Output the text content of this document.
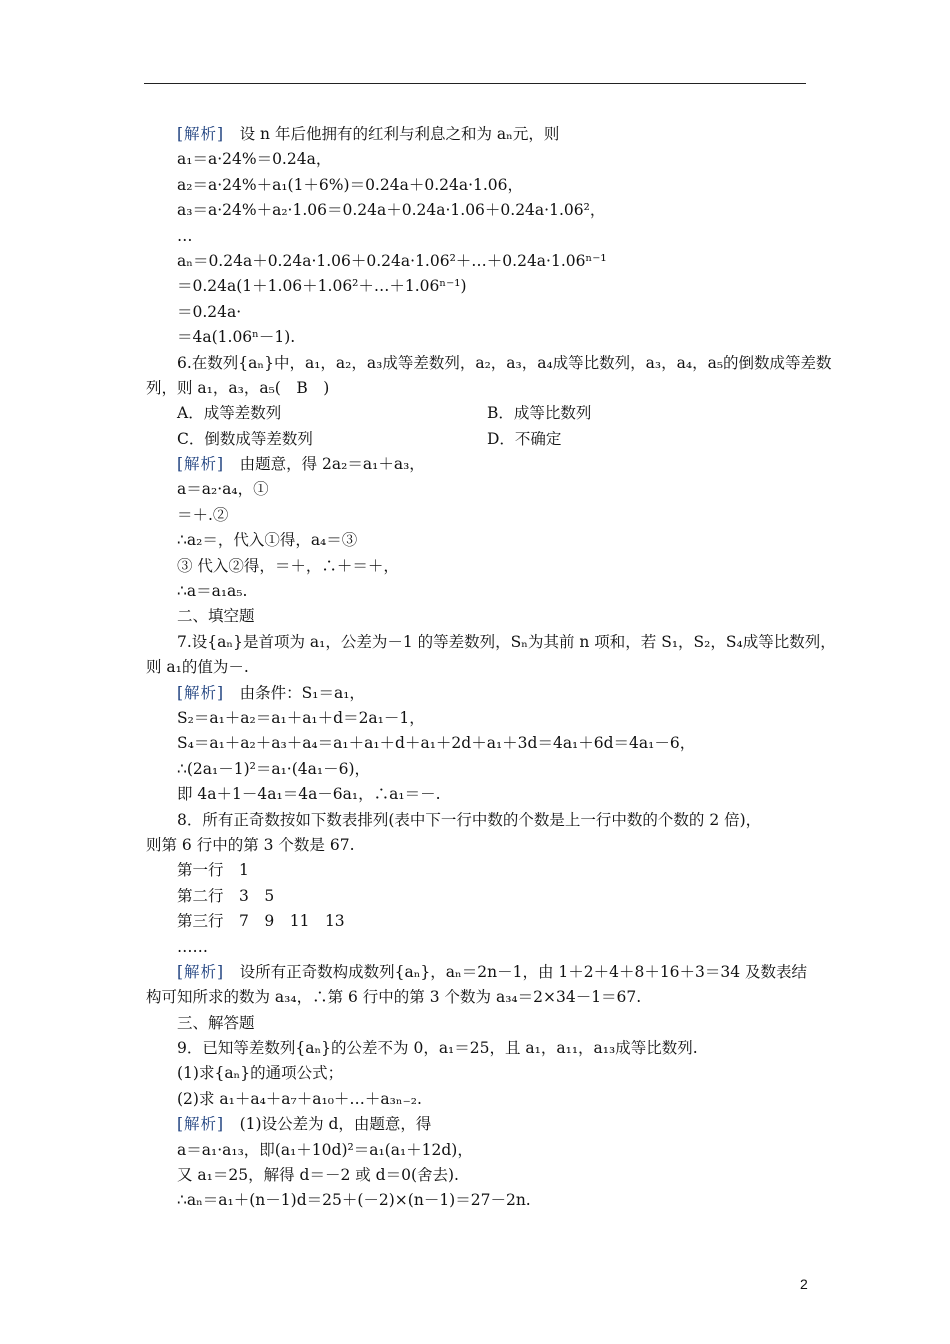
[解析]　 设 n 年后他拥有的红利与利息之和为 aₙ元，则
a₁＝a·24%＝0.24a，
a₂＝a·24%＋a₁(1＋6%)＝0.24a＋0.24a·1.06，
a₃＝a·24%＋a₂·1.06＝0.24a＋0.24a·1.06＋0.24a·1.06²，
…
aₙ＝0.24a＋0.24a·1.06＋0.24a·1.06²＋…＋0.24a·1.06ⁿ⁻¹
＝0.24a(1＋1.06＋1.06²＋…＋1.06ⁿ⁻¹)
＝0.24a·
＝4a(1.06ⁿ－1).
6.在数列{aₙ}中，a₁，a₂，a₃成等差数列，a₂，a₃，a₄成等比数列，a₃，a₄，a₅的倒数成等差数
列，则 a₁，a₃，a₅(　B　)
A．成等差数列	B．成等比数列
C．倒数成等差数列	D．不确定
[解析]　 由题意，得 2a₂＝a₁＋a₃，
a＝a₂·a₄，①
＝＋.②
∴a₂＝，代入①得，a₄＝③
③ 代入②得，＝＋，∴＋＝＋，
∴a＝a₁a₅.
二、填空题
7.设{aₙ}是首项为 a₁，公差为－1 的等差数列，Sₙ为其前 n 项和，若 S₁，S₂，S₄成等比数列，
则 a₁的值为－.
[解析]　 由条件：S₁＝a₁，
S₂＝a₁＋a₂＝a₁＋a₁＋d＝2a₁－1，
S₄＝a₁＋a₂＋a₃＋a₄＝a₁＋a₁＋d＋a₁＋2d＋a₁＋3d＝4a₁＋6d＝4a₁－6，
∴(2a₁－1)²＝a₁·(4a₁－6)，
即 4a＋1－4a₁＝4a－6a₁，∴a₁＝－.
8．所有正奇数按如下数表排列(表中下一行中数的个数是上一行中数的个数的 2 倍)，
则第 6 行中的第 3 个数是 67.
第一行　1
第二行　3　5
第三行　7　9　11　13
……
[解析]　 设所有正奇数构成数列{aₙ}，aₙ＝2n－1，由 1＋2＋4＋8＋16＋3＝34 及数表结
构可知所求的数为 a₃₄，∴第 6 行中的第 3 个数为 a₃₄＝2×34－1＝67.
三、解答题
9．已知等差数列{aₙ}的公差不为 0，a₁＝25，且 a₁，a₁₁，a₁₃成等比数列.
(1)求{aₙ}的通项公式；
(2)求 a₁＋a₄＋a₇＋a₁₀＋…＋a₃ₙ₋₂.
[解析]　 (1)设公差为 d，由题意，得
a＝a₁·a₁₃，即(a₁＋10d)²＝a₁(a₁＋12d)，
又 a₁＝25，解得 d＝－2 或 d＝0(舍去).
∴aₙ＝a₁＋(n－1)d＝25＋(－2)×(n－1)＝27－2n.
2
